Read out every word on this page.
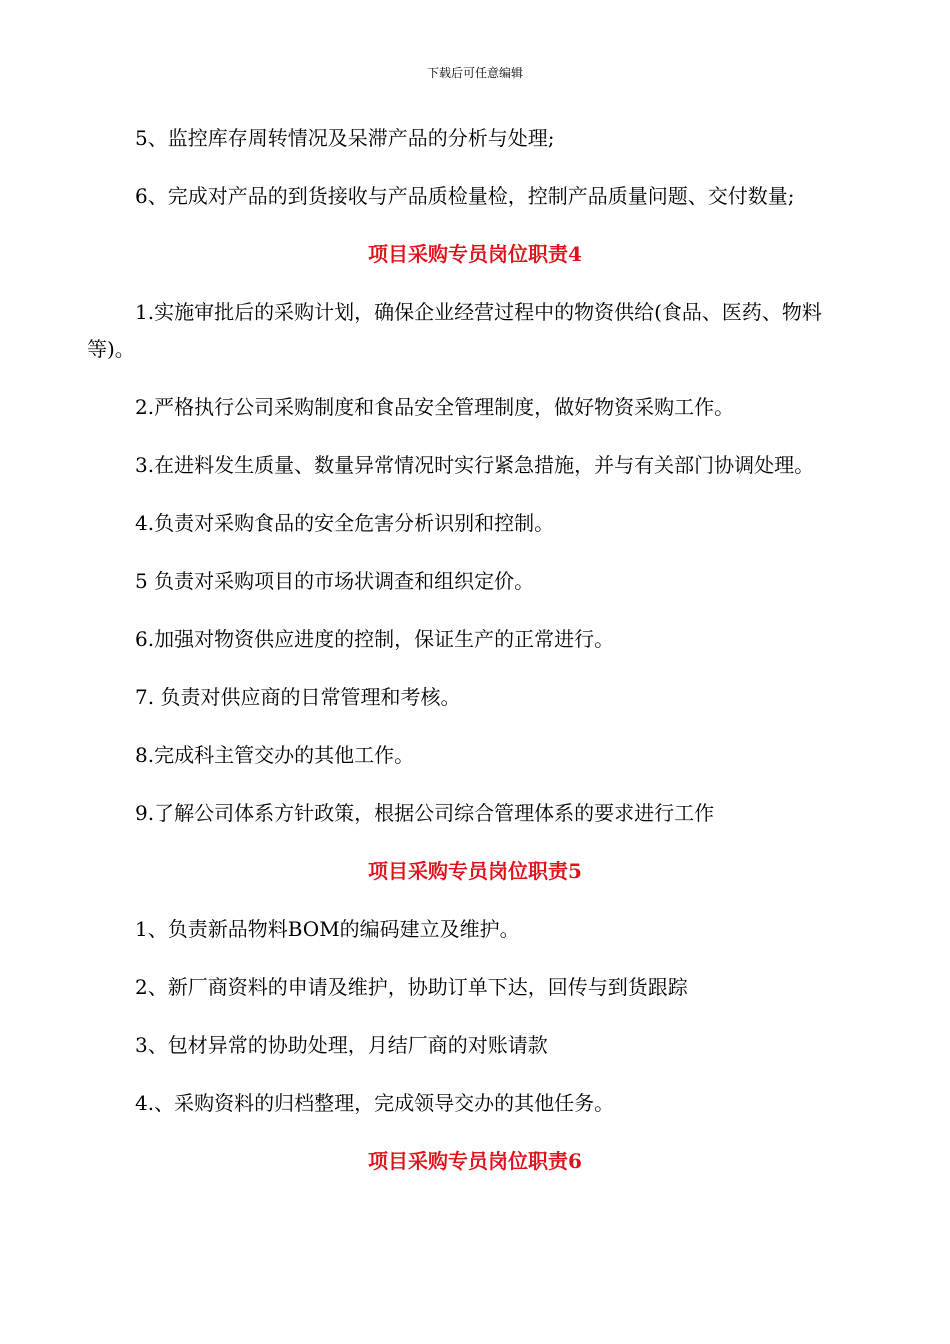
下载后可任意编辑

5、监控库存周转情况及呆滞产品的分析与处理;

6、完成对产品的到货接收与产品质检量检，控制产品质量问题、交付数量;

项目采购专员岗位职责4

1.实施审批后的采购计划，确保企业经营过程中的物资供给(食品、医药、物料等)。

2.严格执行公司采购制度和食品安全管理制度，做好物资采购工作。

3.在进料发生质量、数量异常情况时实行紧急措施，并与有关部门协调处理。

4.负责对采购食品的安全危害分析识别和控制。

5 负责对采购项目的市场状调查和组织定价。

6.加强对物资供应进度的控制，保证生产的正常进行。

7. 负责对供应商的日常管理和考核。

8.完成科主管交办的其他工作。

9.了解公司体系方针政策，根据公司综合管理体系的要求进行工作

项目采购专员岗位职责5

1、负责新品物料BOM的编码建立及维护。

2、新厂商资料的申请及维护，协助订单下达，回传与到货跟踪

3、包材异常的协助处理，月结厂商的对账请款

4.、采购资料的归档整理，完成领导交办的其他任务。

项目采购专员岗位职责6
